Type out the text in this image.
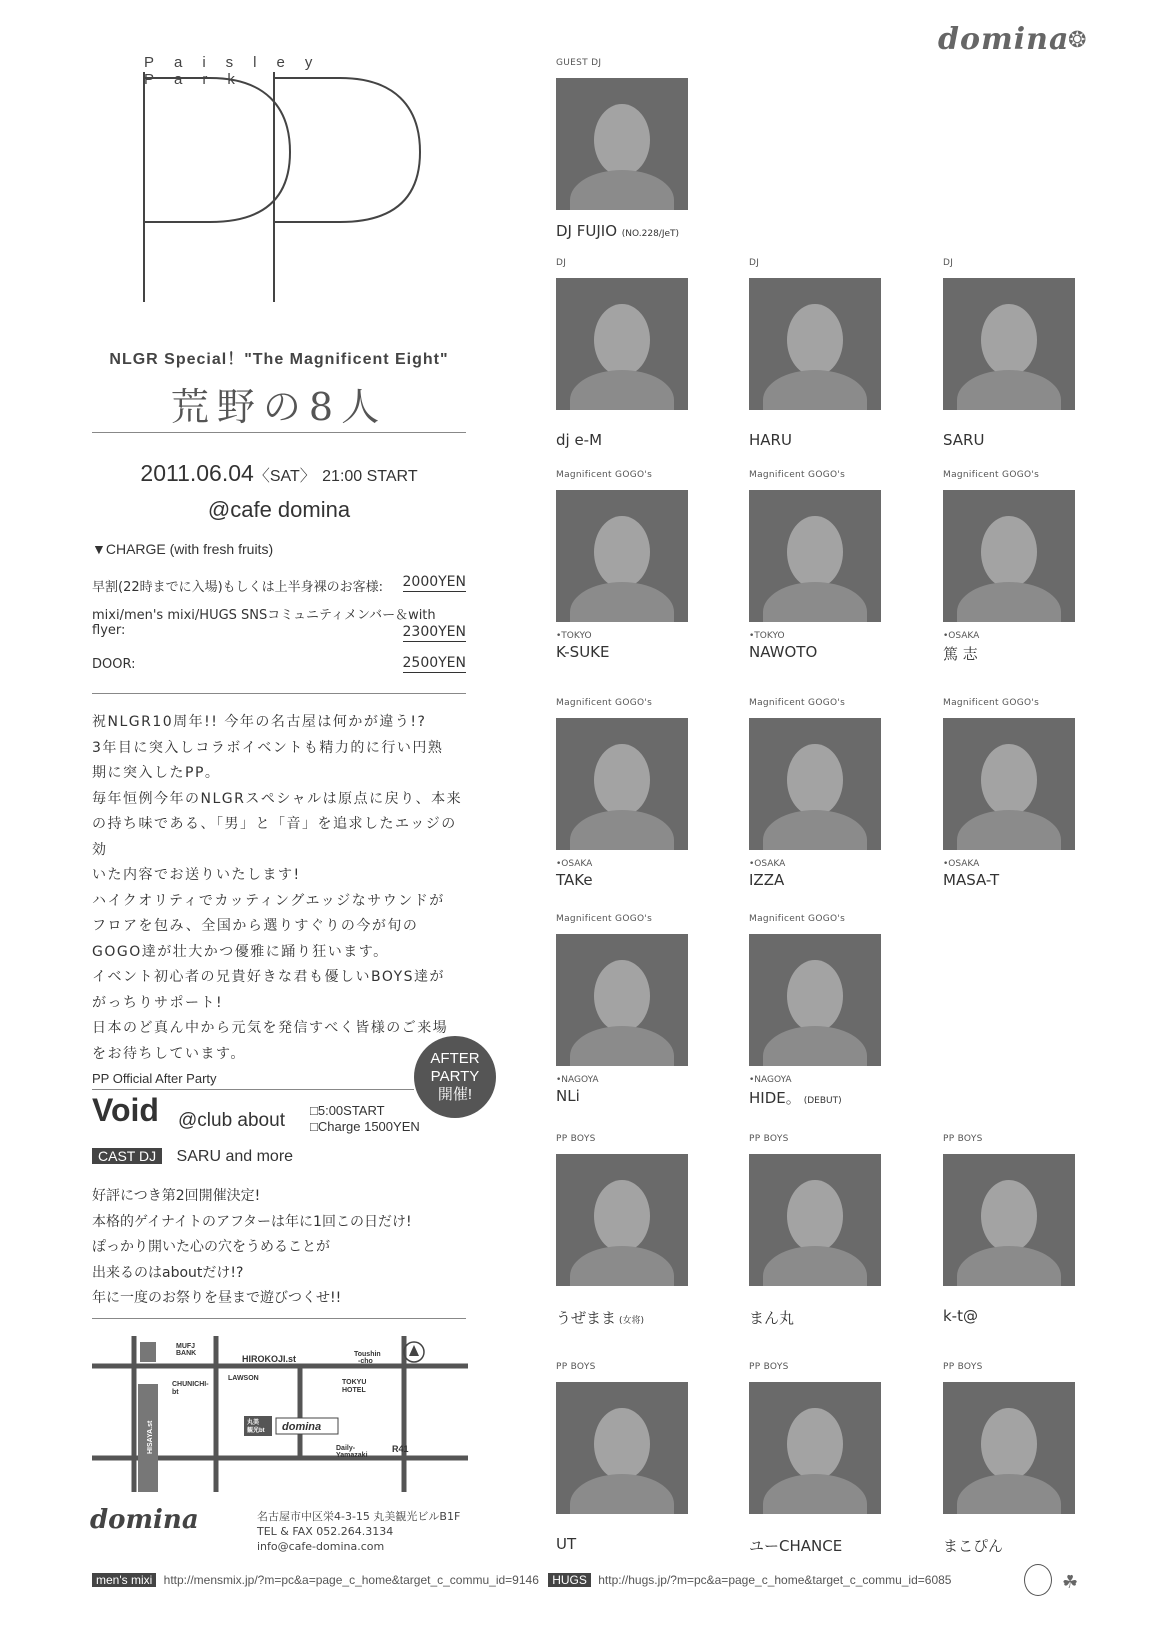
domina
❂
Paisley Park
NLGR Special！"The Magnificent Eight"
荒野の8人
2011.06.04〈SAT〉 21:00 START
@cafe domina
▼CHARGE (with fresh fruits)
早割(22時までに入場)もしくは上半身裸のお客様: 2000YEN
mixi/men's mixi/HUGS SNSコミュニティメンバー＆with flyer:	2300YEN
DOOR:	2500YEN
祝NLGR10周年!! 今年の名古屋は何かが違う!?
3年目に突入しコラボイベントも精力的に行い円熟
期に突入したPP。
毎年恒例今年のNLGRスペシャルは原点に戻り、本来
の持ち味である、「男」と「音」を追求したエッジの効
いた内容でお送りいたします!
ハイクオリティでカッティングエッジなサウンドが
フロアを包み、全国から選りすぐりの今が旬の
GOGO達が壮大かつ優雅に踊り狂います。
イベント初心者の兄貴好きな君も優しいBOYS達が
がっちりサポート!
日本のど真ん中から元気を発信すべく皆様のご来場
をお待ちしています。
PP Official After Party
AFTER
PARTY
開催!
Void @club about □5:00START
□Charge 1500YEN
CAST DJ SARU and more
好評につき第2回開催決定!
本格的ゲイナイトのアフターは年に1回この日だけ!
ぽっかり開いた心の穴をうめることが
出来るのはaboutだけ!?
年に一度のお祭りを昼まで遊びつくせ!!
MUFJ
BANK
HIROKOJI.st	Toushin
-cho
LAWSON
CHUNICHI-
bt
TOKYU
HOTEL
丸美
観光bt domina
Daily-
Yamazaki
R41
HISAYA.st
domina	名古屋市中区栄4-3-15 丸美観光ビルB1F
TEL & FAX 052.264.3134
info@cafe-domina.com
men's mixi http://mensmix.jp/?m=pc&a=page_c_home&target_c_commu_id=9146 HUGS http://hugs.jp/?m=pc&a=page_c_home&target_c_commu_id=6085	☘
GUEST DJ
DJ FUJIO (NO.228/JeT)
DJ
dj e-M
DJ
HARU
DJ
SARU
Magnificent GOGO's
•TOKYO
K-SUKE
Magnificent GOGO's
•TOKYO
NAWOTO
Magnificent GOGO's
•OSAKA
篤 志
Magnificent GOGO's
•OSAKA
TAKe
Magnificent GOGO's
•OSAKA
IZZA
Magnificent GOGO's
•OSAKA
MASA-T
Magnificent GOGO's
•NAGOYA
NLi
Magnificent GOGO's
•NAGOYA
HIDE。 (DEBUT)
PP BOYS
うぜまま (女将)
PP BOYS
まん丸
PP BOYS
k-t@
PP BOYS
UT
PP BOYS
ユーCHANCE
PP BOYS
まこぴん
